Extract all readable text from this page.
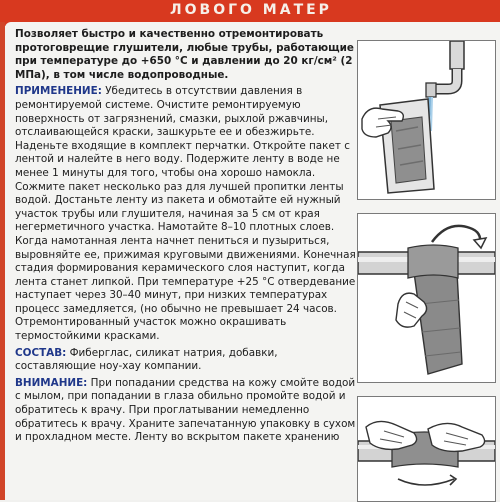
ЛОВОГО МАТЕР

Позволяет быстро и качественно отремонтировать протоговрещие глушители, любые трубы, работающие при температуре до +650 °С и давлении до 20 кг/см² (2 МПа), в том числе водопроводные.

ПРИМЕНЕНИЕ: Убедитесь в отсутствии давления в ремонтируемой системе. Очистите ремонтируемую поверхность от загрязнений, смазки, рыхлой ржавчины, отслаивающейся краски, зашкурьте ее и обезжирьте. Наденьте входящие в комплект перчатки. Откройте пакет с лентой и налейте в него воду. Подержите ленту в воде не менее 1 минуты для того, чтобы она хорошо намокла. Сожмите пакет несколько раз для лучшей пропитки ленты водой. Достаньте ленту из пакета и обмотайте ей нужный участок трубы или глушителя, начиная за 5 см от края негерметичного участка. Намотайте 8–10 плотных слоев. Когда намотанная лента начнет пениться и пузыриться, выровняйте ее, прижимая круговыми движениями. Конечная стадия формирования керамического слоя наступит, когда лента станет липкой. При температуре +25 °С отвердевание наступает через 30–40 минут, при низких температурах процесс замедляется, (но обычно не превышает 24 часов. Отремонтированный участок можно окрашивать термостойкими красками.

СОСТАВ: Фиберглас, силикат натрия, добавки, составляющие ноу-хау компании.

ВНИМАНИЕ: При попадании средства на кожу смойте водой с мылом, при попадании в глаза обильно промойте водой и обратитесь к врачу. При проглатывании немедленно обратитесь к врачу. Храните запечатанную упаковку в сухом и прохладном месте. Ленту во вскрытом пакете хранению
